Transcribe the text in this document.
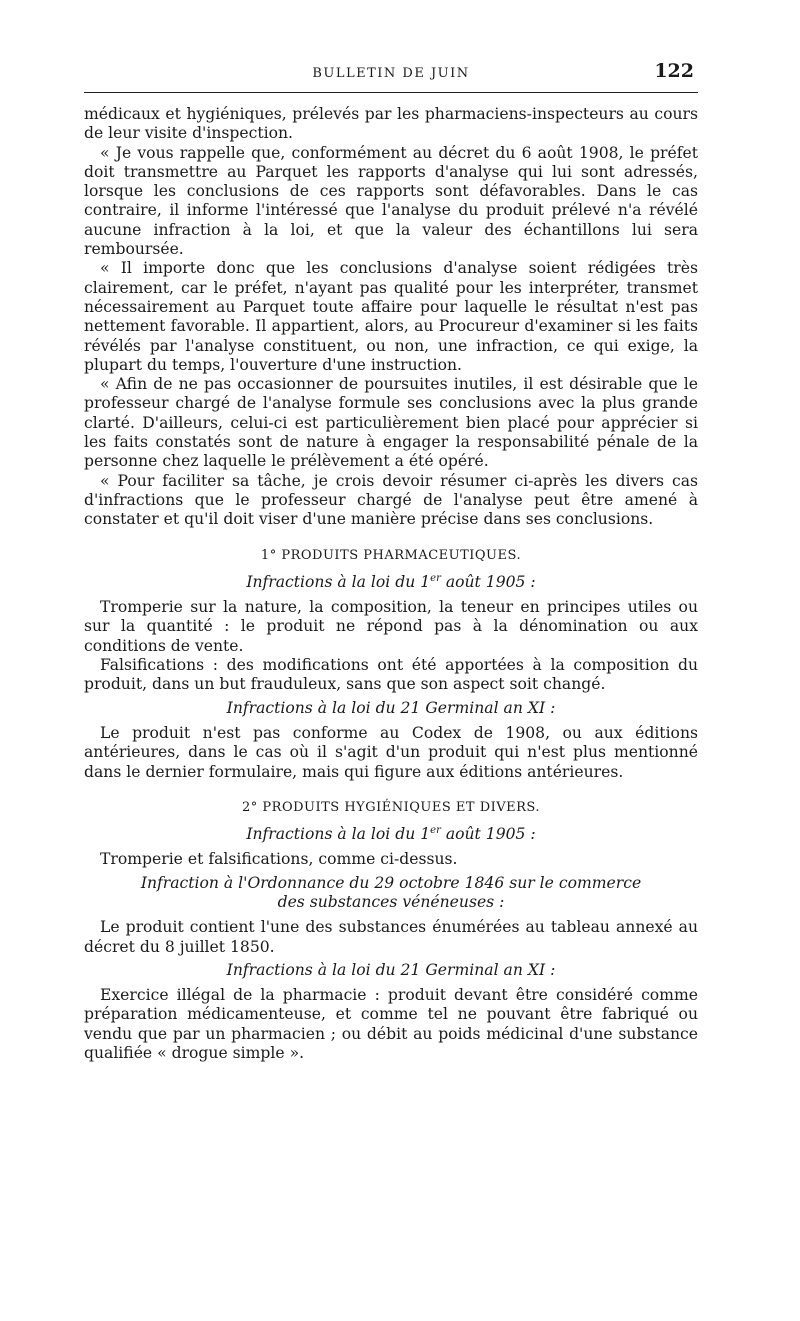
BULLETIN DE JUIN	122

médicaux et hygiéniques, prélevés par les pharmaciens-inspecteurs au cours de leur visite d'inspection.

« Je vous rappelle que, conformément au décret du 6 août 1908, le préfet doit transmettre au Parquet les rapports d'analyse qui lui sont adressés, lorsque les conclusions de ces rapports sont défavorables. Dans le cas contraire, il informe l'intéressé que l'analyse du produit prélevé n'a révélé aucune infraction à la loi, et que la valeur des échantillons lui sera remboursée.

« Il importe donc que les conclusions d'analyse soient rédigées très clairement, car le préfet, n'ayant pas qualité pour les interpréter, transmet nécessairement au Parquet toute affaire pour laquelle le résultat n'est pas nettement favorable. Il appartient, alors, au Procureur d'examiner si les faits révélés par l'analyse constituent, ou non, une infraction, ce qui exige, la plupart du temps, l'ouverture d'une instruction.

« Afin de ne pas occasionner de poursuites inutiles, il est désirable que le professeur chargé de l'analyse formule ses conclusions avec la plus grande clarté. D'ailleurs, celui-ci est particulièrement bien placé pour apprécier si les faits constatés sont de nature à engager la responsabilité pénale de la personne chez laquelle le prélèvement a été opéré.

« Pour faciliter sa tâche, je crois devoir résumer ci-après les divers cas d'infractions que le professeur chargé de l'analyse peut être amené à constater et qu'il doit viser d'une manière précise dans ses conclusions.

1° PRODUITS PHARMACEUTIQUES.
Infractions à la loi du 1er août 1905 :

Tromperie sur la nature, la composition, la teneur en principes utiles ou sur la quantité : le produit ne répond pas à la dénomination ou aux conditions de vente.

Falsifications : des modifications ont été apportées à la composition du produit, dans un but frauduleux, sans que son aspect soit changé.

Infractions à la loi du 21 Germinal an XI :

Le produit n'est pas conforme au Codex de 1908, ou aux éditions antérieures, dans le cas où il s'agit d'un produit qui n'est plus mentionné dans le dernier formulaire, mais qui figure aux éditions antérieures.

2° PRODUITS HYGIÉNIQUES ET DIVERS.
Infractions à la loi du 1er août 1905 :

Tromperie et falsifications, comme ci-dessus.

Infraction à l'Ordonnance du 29 octobre 1846 sur le commerce
des substances vénéneuses :

Le produit contient l'une des substances énumérées au tableau annexé au décret du 8 juillet 1850.

Infractions à la loi du 21 Germinal an XI :

Exercice illégal de la pharmacie : produit devant être considéré comme préparation médicamenteuse, et comme tel ne pouvant être fabriqué ou vendu que par un pharmacien ; ou débit au poids médicinal d'une substance qualifiée « drogue simple ».
